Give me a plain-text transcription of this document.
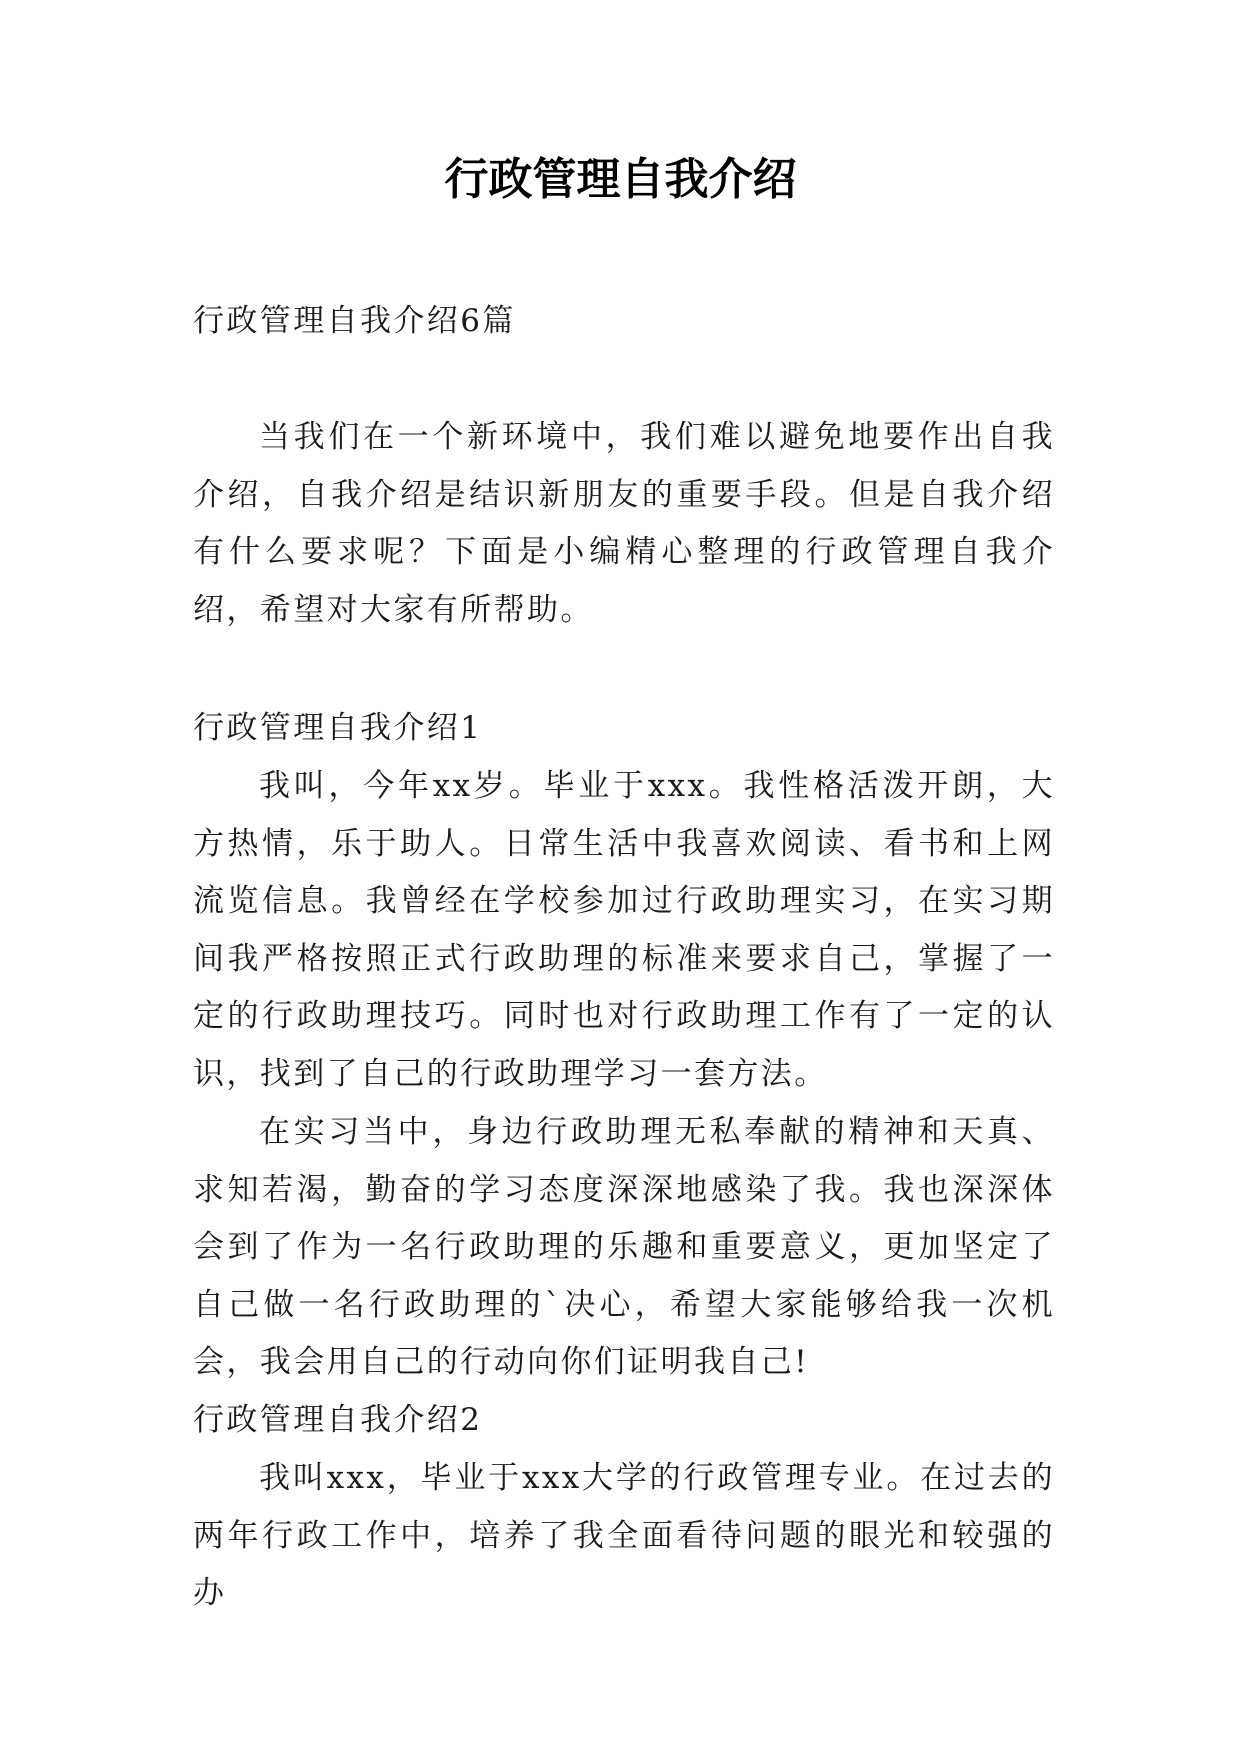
行政管理自我介绍

行政管理自我介绍6篇

当我们在一个新环境中，我们难以避免地要作出自我介绍，自我介绍是结识新朋友的重要手段。但是自我介绍有什么要求呢？下面是小编精心整理的行政管理自我介绍，希望对大家有所帮助。

行政管理自我介绍1

我叫，今年xx岁。毕业于xxx。我性格活泼开朗，大方热情，乐于助人。日常生活中我喜欢阅读、看书和上网流览信息。我曾经在学校参加过行政助理实习，在实习期间我严格按照正式行政助理的标准来要求自己，掌握了一定的行政助理技巧。同时也对行政助理工作有了一定的认识，找到了自己的行政助理学习一套方法。

在实习当中，身边行政助理无私奉献的精神和天真、求知若渴，勤奋的学习态度深深地感染了我。我也深深体会到了作为一名行政助理的乐趣和重要意义，更加坚定了自己做一名行政助理的`决心，希望大家能够给我一次机会，我会用自己的行动向你们证明我自己!

行政管理自我介绍2

我叫xxx，毕业于xxx大学的行政管理专业。在过去的两年行政工作中，培养了我全面看待问题的眼光和较强的办
